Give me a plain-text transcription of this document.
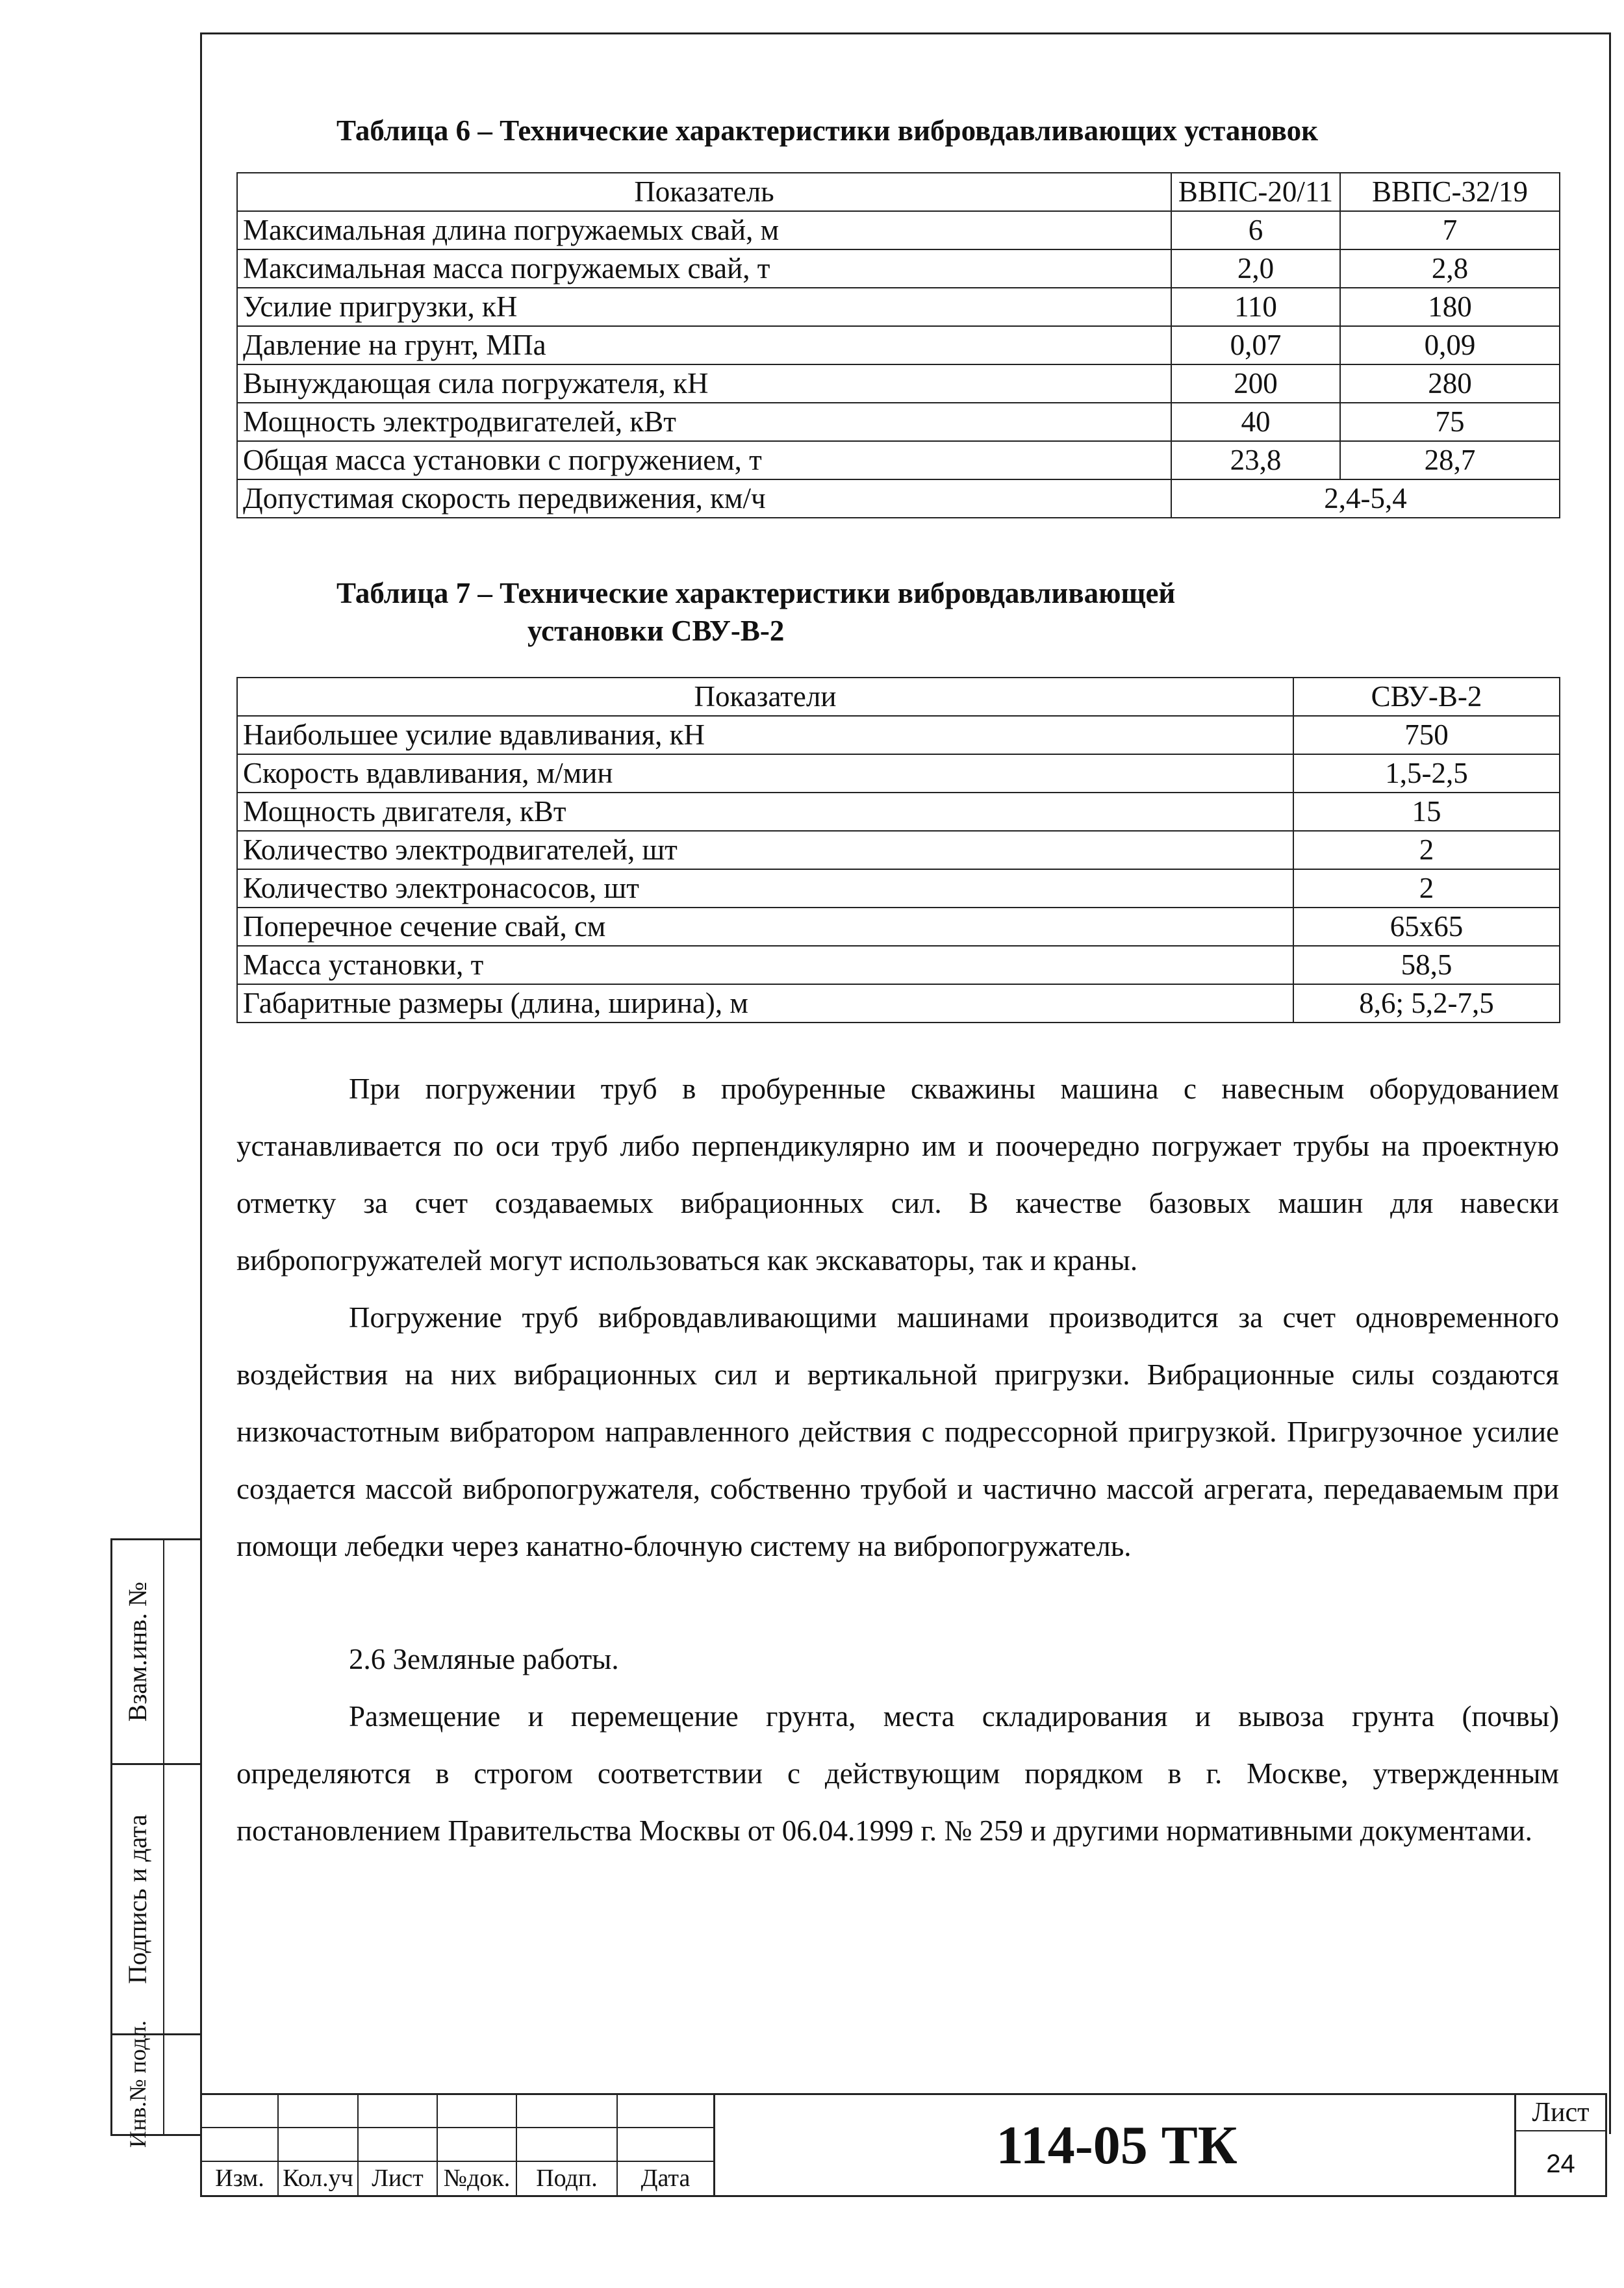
Таблица 6 – Технические характеристики вибровдавливающих установок
Показатель	ВВПС-20/11	ВВПС-32/19
Максимальная длина погружаемых свай, м	6	7
Максимальная масса погружаемых свай, т	2,0	2,8
Усилие пригрузки, кН	110	180
Давление на грунт, МПа	0,07	0,09
Вынуждающая сила погружателя, кН	200	280
Мощность электродвигателей, кВт	40	75
Общая масса установки с погружением, т	23,8	28,7
Допустимая скорость передвижения, км/ч	2,4-5,4	
Таблица 7 – Технические характеристики вибровдавливающей
установки СВУ-В-2
Показатели	СВУ-В-2
Наибольшее усилие вдавливания, кН	750
Скорость вдавливания, м/мин	1,5-2,5
Мощность двигателя, кВт	15
Количество электродвигателей, шт	2
Количество электронасосов, шт	2
Поперечное сечение свай, см	65х65
Масса установки, т	58,5
Габаритные размеры (длина, ширина), м	8,6; 5,2-7,5

При погружении труб в пробуренные скважины машина с навесным оборудованием устанавливается по оси труб либо перпендикулярно им и поочередно погружает трубы на проектную отметку за счет создаваемых вибрационных сил. В качестве базовых машин для навески вибропогружателей могут использоваться как экскаваторы, так и краны.

Погружение труб вибровдавливающими машинами производится за счет одновременного воздействия на них вибрационных сил и вертикальной пригрузки. Вибрационные силы создаются низкочастотным вибратором направленного действия с подрессорной пригрузкой. Пригрузочное усилие создается массой вибропогружателя, собственно трубой и частично массой агрегата, передаваемым при помощи лебедки через канатно-блочную систему на вибропогружатель.

2.6 Земляные работы.

Размещение и перемещение грунта, места складирования и вывоза грунта (почвы) определяются в строгом соответствии с действующим порядком в г. Москве, утвержденным постановлением Правительства Москвы от 06.04.1999 г. № 259 и другими нормативными документами.

Взам.инв. №
Подпись и дата
Инв.№ подл.
Изм. Кол.уч Лист №док.	Подп.	Дата
114-05 ТК
Лист
24
